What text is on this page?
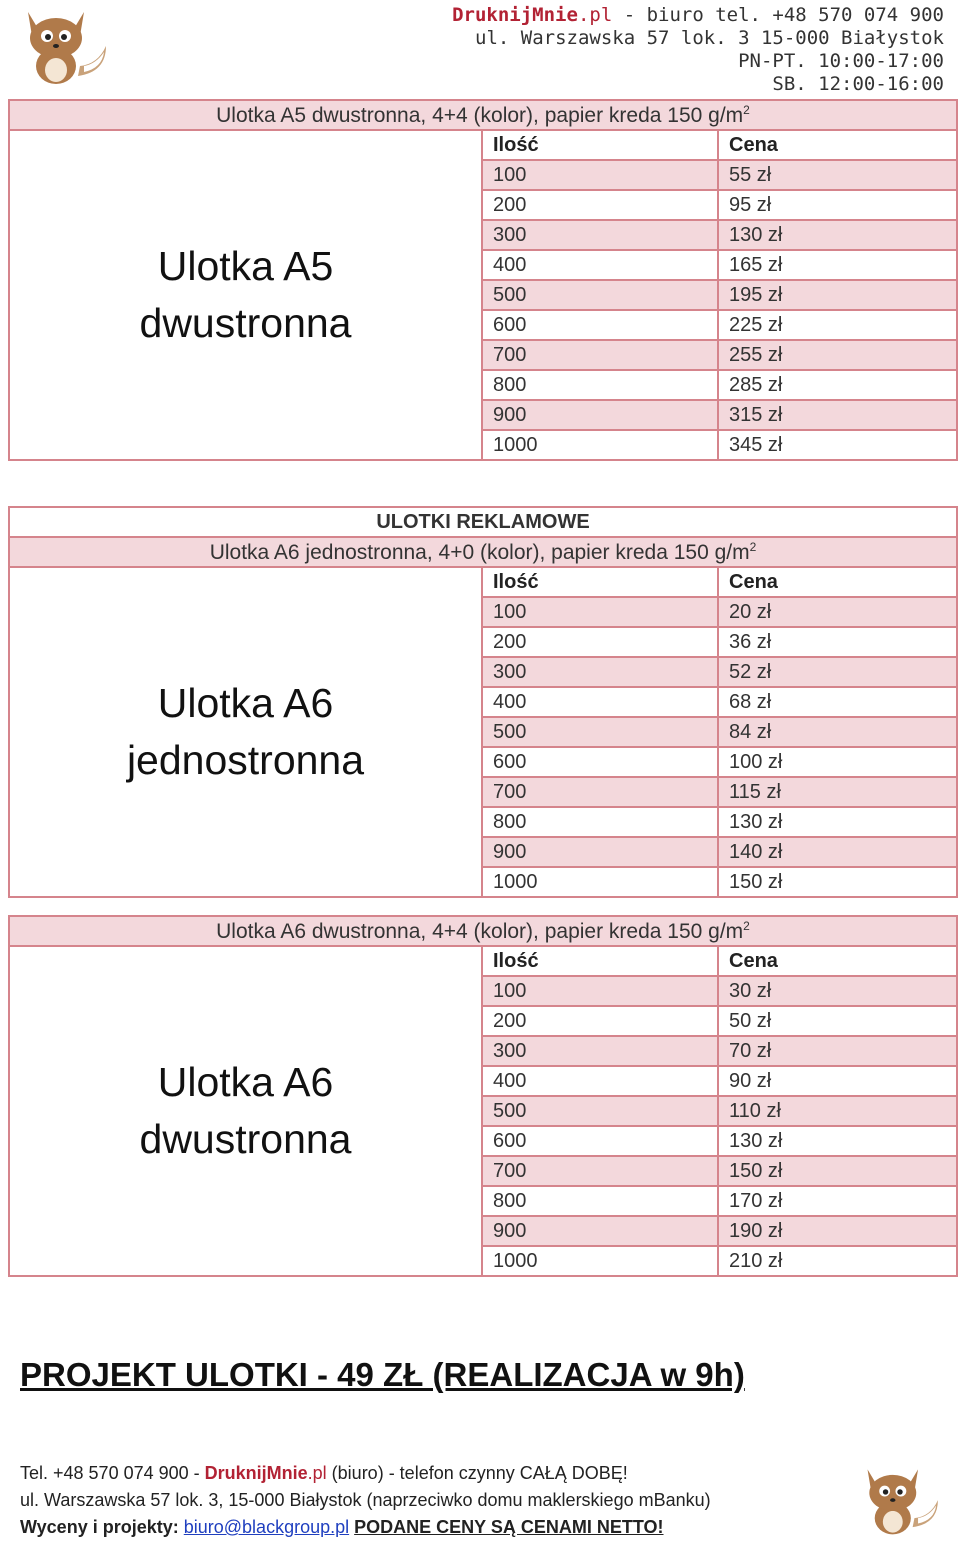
DruknijMnie.pl - biuro tel. +48 570 074 900
ul. Warszawska 57 lok. 3 15-000 Białystok
PN-PT. 10:00-17:00
SB. 12:00-16:00
Ulotka A5 dwustronna, 4+4 (kolor), papier kreda 150 $g/m^2$

Ulotka A5
dwustronna	Ilość	Cena
	100	55 zł
	200	95 zł
	300	130 zł
	400	165 zł
	500	195 zł
	600	225 zł
	700	255 zł
	800	285 zł
	900	315 zł
	1000	345 zł
ULOTKI REKLAMOWE		
Ulotka A6 jednostronna, 4+0 (kolor), papier kreda 150 $g/m^2$

Ulotka A6
jednostronna	Ilość	Cena
	100	20 zł
	200	36 zł
	300	52 zł
	400	68 zł
	500	84 zł
	600	100 zł
	700	115 zł
	800	130 zł
	900	140 zł
	1000	150 zł
Ulotka A6 dwustronna, 4+4 (kolor), papier kreda 150 $g/m^2$

Ulotka A6
dwustronna	Ilość	Cena
	100	30 zł
	200	50 zł
	300	70 zł
	400	90 zł
	500	110 zł
	600	130 zł
	700	150 zł
	800	170 zł
	900	190 zł
	1000	210 zł
PROJEKT ULOTKI - 49 ZŁ (REALIZACJA w 9h)
Tel. +48 570 074 900 - DruknijMnie.pl (biuro) - telefon czynny CAŁĄ DOBĘ!
ul. Warszawska 57 lok. 3, 15-000 Białystok (naprzeciwko domu maklerskiego mBanku)
Wyceny i projekty: biuro@blackgroup.pl PODANE CENY SĄ CENAMI NETTO!
